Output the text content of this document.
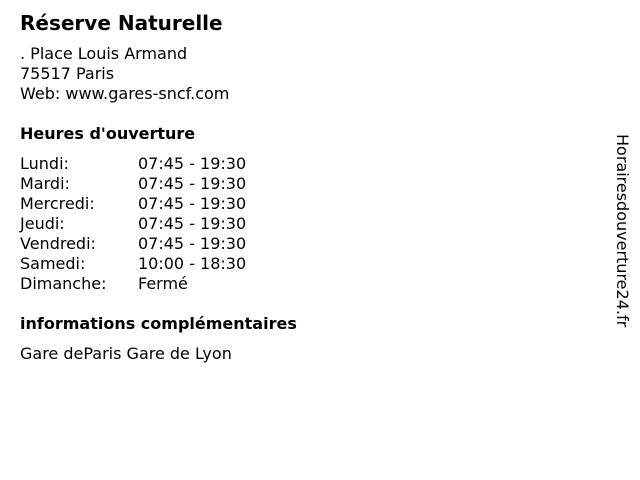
Réserve Naturelle
. Place Louis Armand
75517 Paris
Web: www.gares-sncf.com
Heures d'ouverture
Lundi:	07:45 - 19:30
Mardi:	07:45 - 19:30
Mercredi:	07:45 - 19:30
Jeudi:	07:45 - 19:30
Vendredi:	07:45 - 19:30
Samedi:	10:00 - 18:30
Dimanche:	Fermé
informations complémentaires
Gare deParis Gare de Lyon
Horairesdouverture24.fr
